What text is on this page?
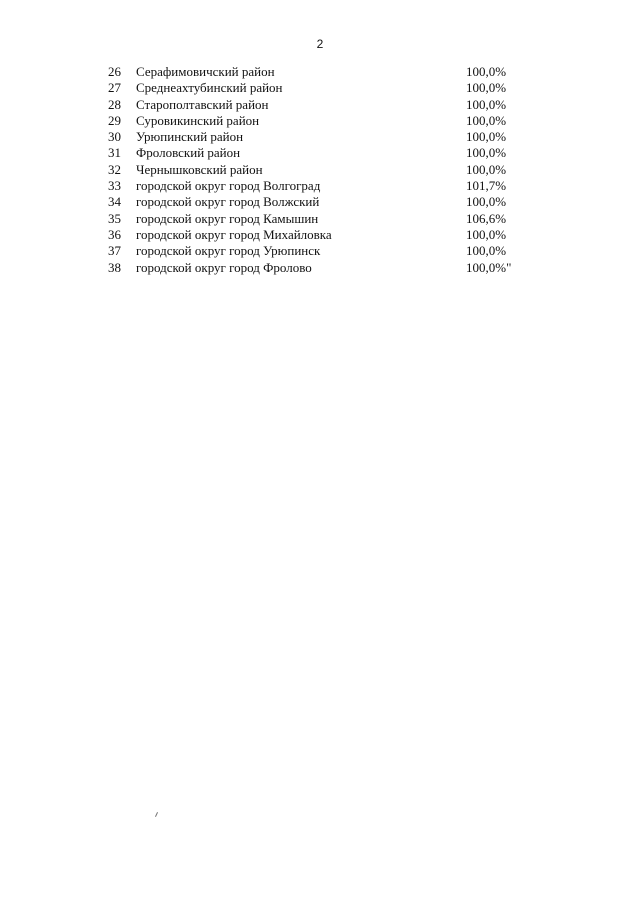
2
26	Серафимовичский район	100,0%
27	Среднеахтубинский район	100,0%
28	Старополтавский район	100,0%
29	Суровикинский район	100,0%
30	Урюпинский район	100,0%
31	Фроловский район	100,0%
32	Чернышковский район	100,0%
33	городской округ город Волгоград	101,7%
34	городской округ город Волжский	100,0%
35	городской округ город Камышин	106,6%
36	городской округ город Михайловка	100,0%
37	городской округ город Урюпинск	100,0%
38	городской округ город Фролово	100,0%"
